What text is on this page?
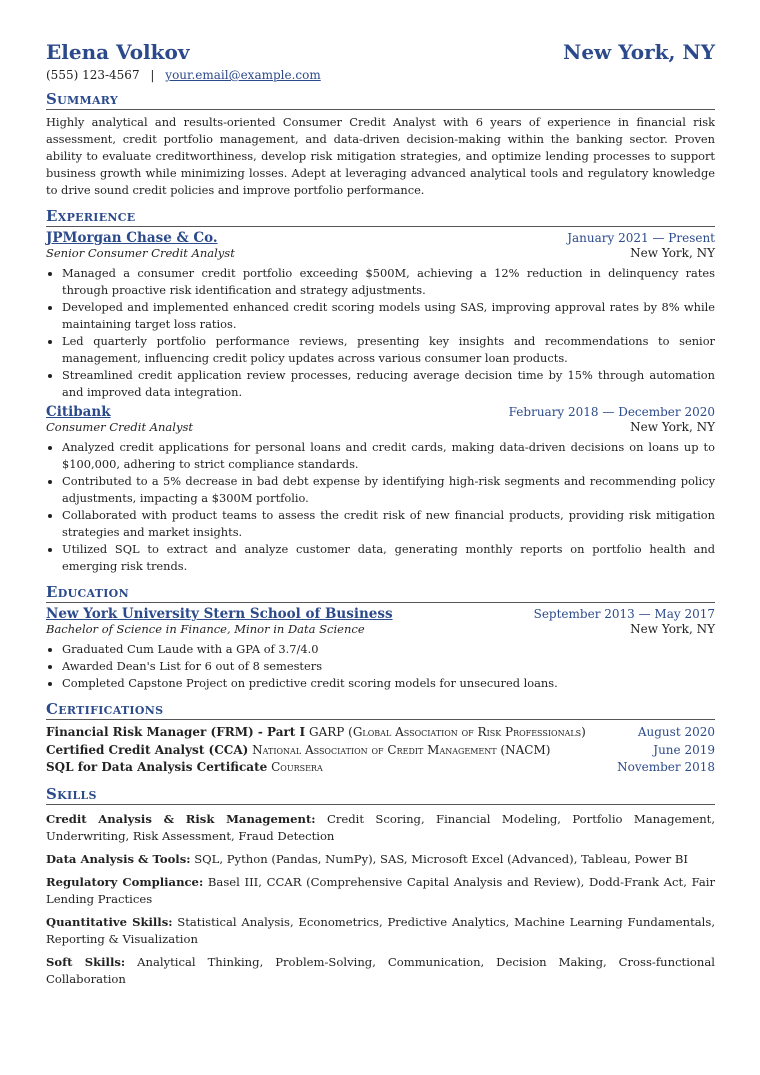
Elena Volkov	New York, NY
(555) 123-4567 | your.email@example.com
Summary
Highly analytical and results-oriented Consumer Credit Analyst with 6 years of experience in financial risk assessment, credit portfolio management, and data-driven decision-making within the banking sector. Proven ability to evaluate creditworthiness, develop risk mitigation strategies, and optimize lending processes to support business growth while minimizing losses. Adept at leveraging advanced analytical tools and regulatory knowledge to drive sound credit policies and improve portfolio performance.
Experience
JPMorgan Chase & Co.	January 2021 — Present
Senior Consumer Credit Analyst	New York, NY
• Managed a consumer credit portfolio exceeding $500M, achieving a 12% reduction in delinquency rates through proactive risk identification and strategy adjustments.
• Developed and implemented enhanced credit scoring models using SAS, improving approval rates by 8% while maintaining target loss ratios.
• Led quarterly portfolio performance reviews, presenting key insights and recommendations to senior management, influencing credit policy updates across various consumer loan products.
• Streamlined credit application review processes, reducing average decision time by 15% through automation and improved data integration.
Citibank	February 2018 — December 2020
Consumer Credit Analyst	New York, NY
• Analyzed credit applications for personal loans and credit cards, making data-driven decisions on loans up to $100,000, adhering to strict compliance standards.
• Contributed to a 5% decrease in bad debt expense by identifying high-risk segments and recommending policy adjustments, impacting a $300M portfolio.
• Collaborated with product teams to assess the credit risk of new financial products, providing risk mitigation strategies and market insights.
• Utilized SQL to extract and analyze customer data, generating monthly reports on portfolio health and emerging risk trends.
Education
New York University Stern School of Business	September 2013 — May 2017
Bachelor of Science in Finance, Minor in Data Science	New York, NY
• Graduated Cum Laude with a GPA of 3.7/4.0
• Awarded Dean's List for 6 out of 8 semesters
• Completed Capstone Project on predictive credit scoring models for unsecured loans.
Certifications
Financial Risk Manager (FRM) - Part I GARP (Global Association of Risk Professionals)	August 2020
Certified Credit Analyst (CCA) National Association of Credit Management (NACM)	June 2019
SQL for Data Analysis Certificate Coursera	November 2018
Skills
Credit Analysis & Risk Management: Credit Scoring, Financial Modeling, Portfolio Management, Underwriting, Risk Assessment, Fraud Detection
Data Analysis & Tools: SQL, Python (Pandas, NumPy), SAS, Microsoft Excel (Advanced), Tableau, Power BI
Regulatory Compliance: Basel III, CCAR (Comprehensive Capital Analysis and Review), Dodd-Frank Act, Fair Lending Practices
Quantitative Skills: Statistical Analysis, Econometrics, Predictive Analytics, Machine Learning Fundamentals, Reporting & Visualization
Soft Skills: Analytical Thinking, Problem-Solving, Communication, Decision Making, Cross-functional Collaboration
